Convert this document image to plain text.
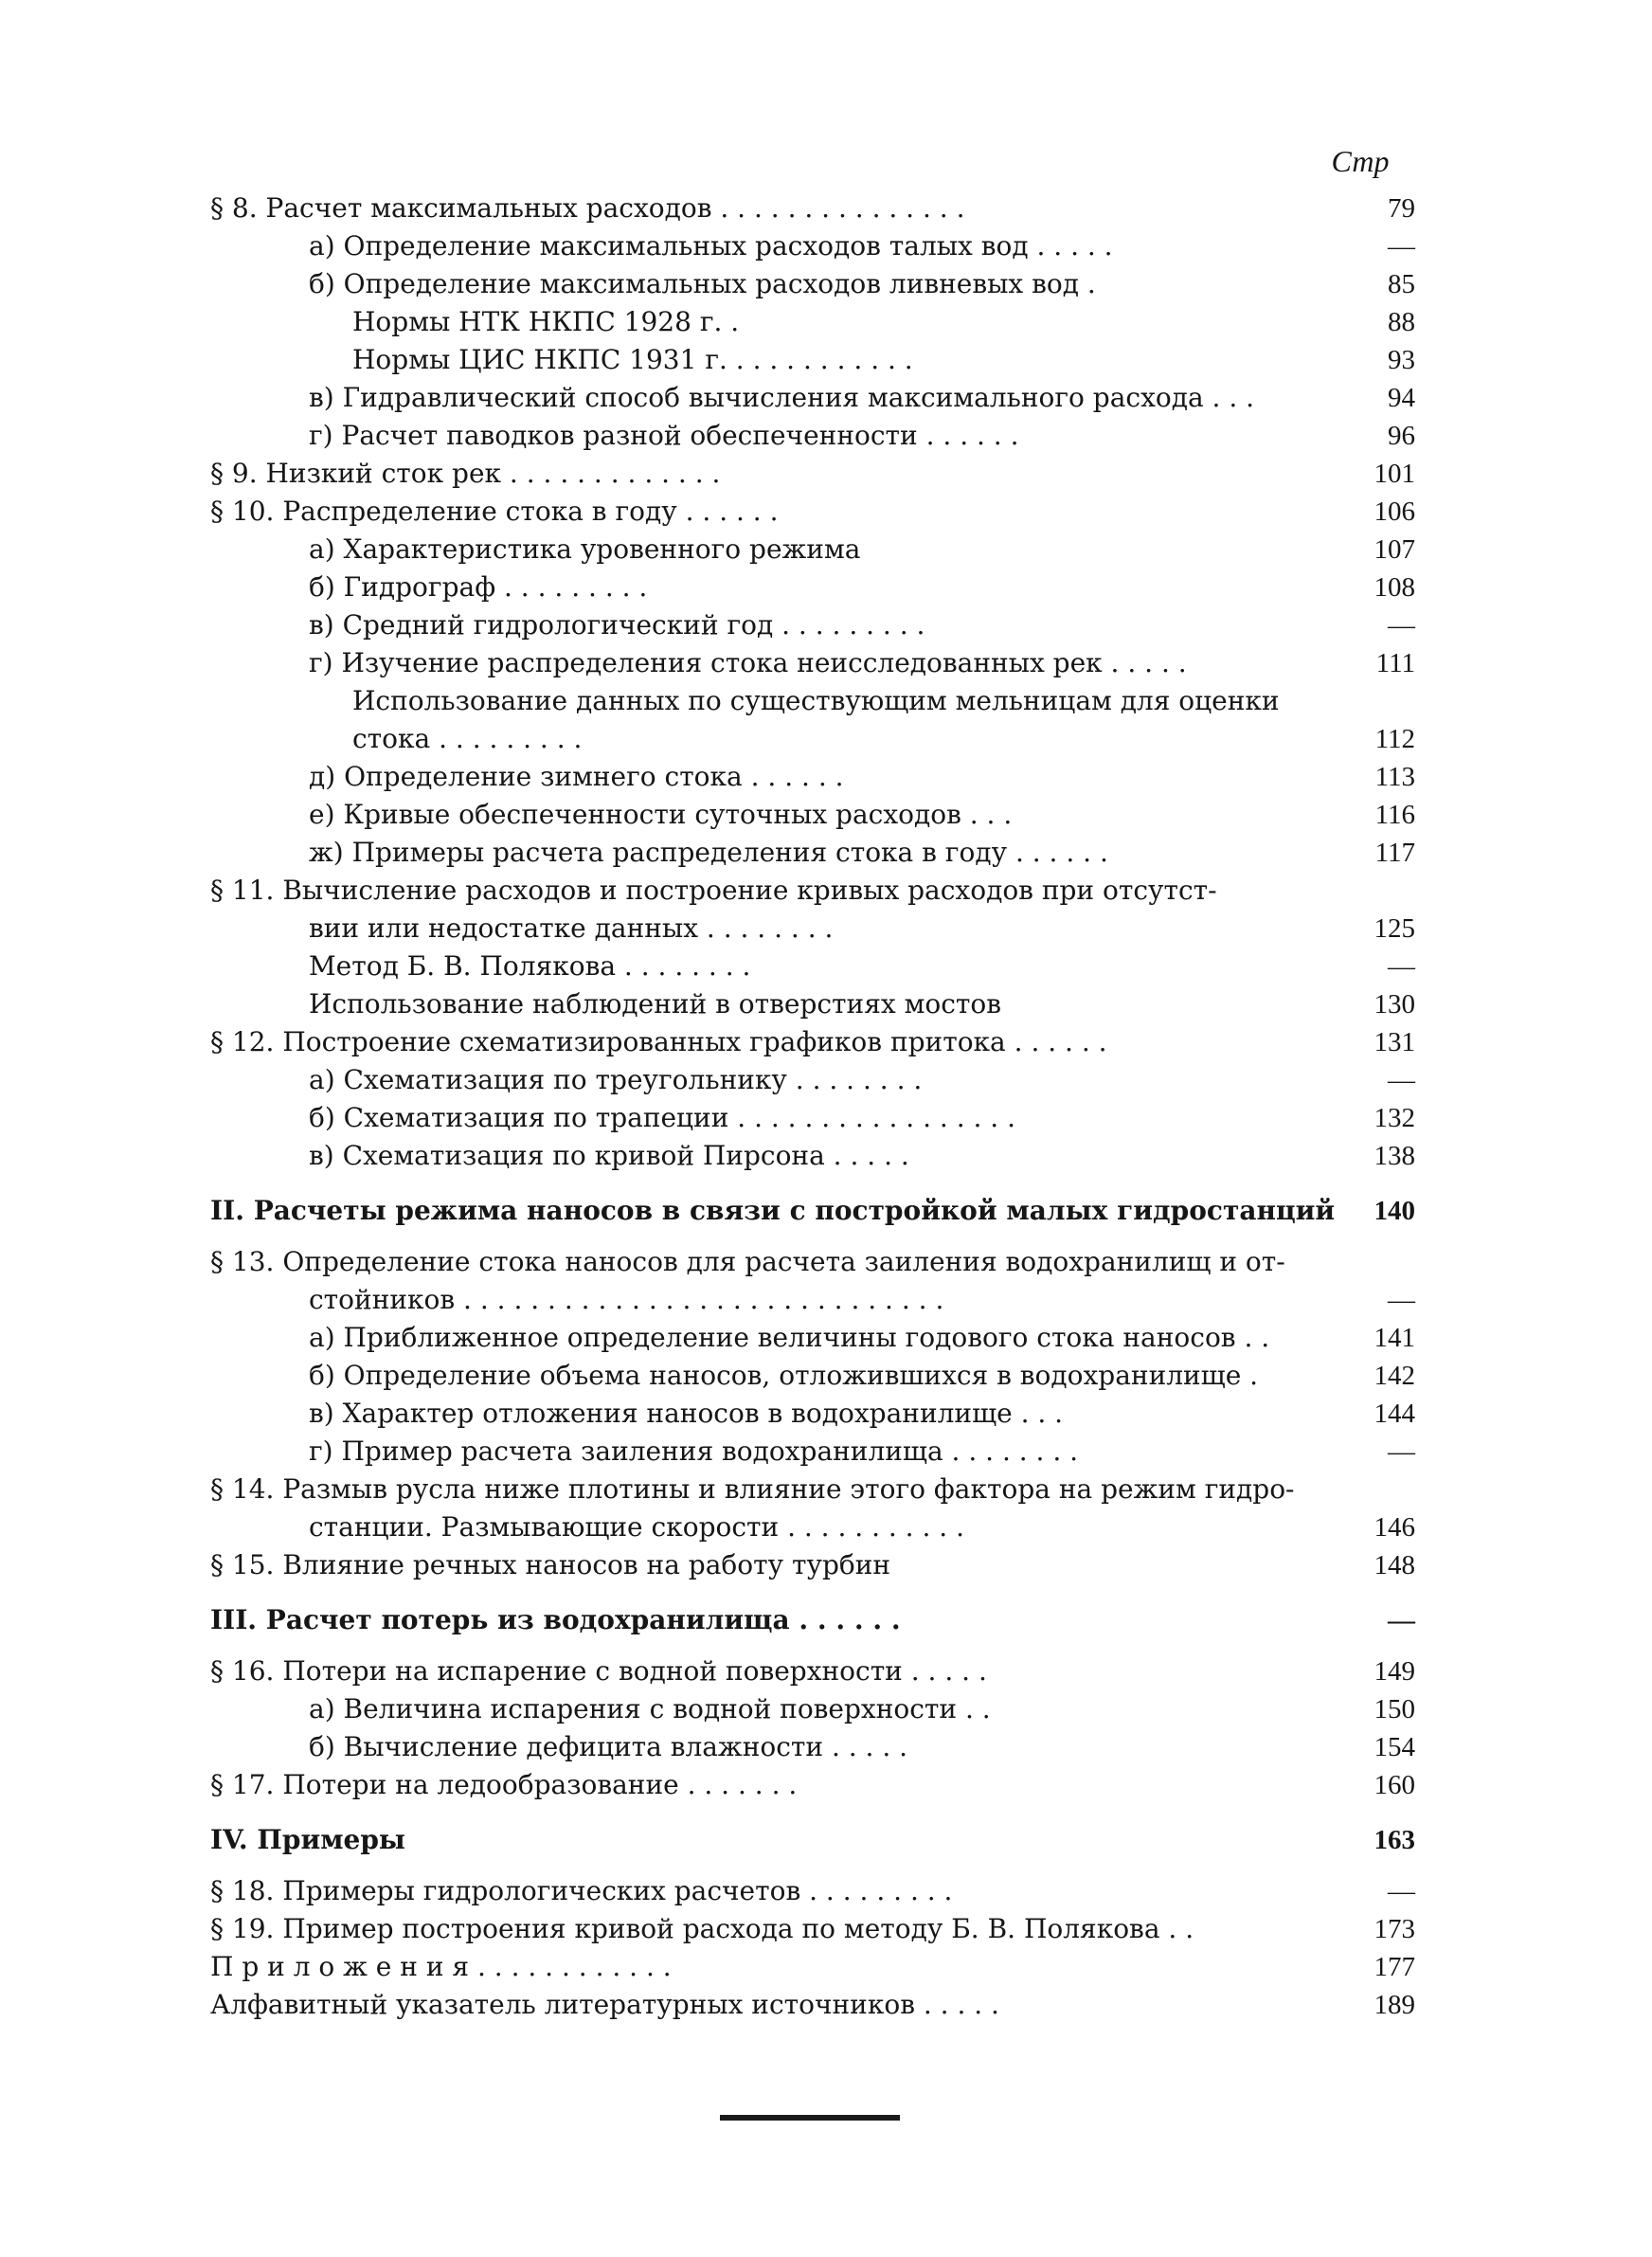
Стр
§ 8. Расчет максимальных расходов . . . . . . . . . . . . . . .	79
а) Определение максимальных расходов талых вод . . . . .	—
б) Определение максимальных расходов ливневых вод .	85
Нормы НТК НКПС 1928 г. .	88
Нормы ЦИС НКПС 1931 г. . . . . . . . . . . .	93
в) Гидравлический способ вычисления максимального расхода . . .	94
г) Расчет паводков разной обеспеченности . . . . . .	96
§ 9. Низкий сток рек . . . . . . . . . . . . .	101
§ 10. Распределение стока в году . . . . . .	106
а) Характеристика уровенного режима	107
б) Гидрограф . . . . . . . . .	108
в) Средний гидрологический год . . . . . . . . .	—
г) Изучение распределения стока неисследованных рек . . . . .	111
Использование данных по существующим мельницам для оценки
стока . . . . . . . . .	112
д) Определение зимнего стока . . . . . .	113
е) Кривые обеспеченности суточных расходов . . .	116
ж) Примеры расчета распределения стока в году . . . . . .	117
§ 11. Вычисление расходов и построение кривых расходов при отсутст-
вии или недостатке данных . . . . . . . .	125
Метод Б. В. Полякова . . . . . . . .	—
Использование наблюдений в отверстиях мостов	130
§ 12. Построение схематизированных графиков притока . . . . . .	131
а) Схематизация по треугольнику . . . . . . . .	—
б) Схематизация по трапеции . . . . . . . . . . . . . . . . .	132
в) Схематизация по кривой Пирсона . . . . .	138
II. Расчеты режима наносов в связи с постройкой малых гидростанций	140
§ 13. Определение стока наносов для расчета заиления водохранилищ и от-
стойников . . . . . . . . . . . . . . . . . . . . . . . . . . . . .	—
а) Приближенное определение величины годового стока наносов . .	141
б) Определение объема наносов, отложившихся в водохранилище .	142
в) Характер отложения наносов в водохранилище . . .	144
г) Пример расчета заиления водохранилища . . . . . . . .	—
§ 14. Размыв русла ниже плотины и влияние этого фактора на режим гидро-
станции. Размывающие скорости . . . . . . . . . . .	146
§ 15. Влияние речных наносов на работу турбин	148
III. Расчет потерь из водохранилища . . . . . .	—
§ 16. Потери на испарение с водной поверхности . . . . .	149
а) Величина испарения с водной поверхности . .	150
б) Вычисление дефицита влажности . . . . .	154
§ 17. Потери на ледообразование . . . . . . .	160
IV. Примеры	163
§ 18. Примеры гидрологических расчетов . . . . . . . . .	—
§ 19. Пример построения кривой расхода по методу Б. В. Полякова . .	173
П р и л о ж е н и я . . . . . . . . . . . .	177
Алфавитный указатель литературных источников . . . . .	189
